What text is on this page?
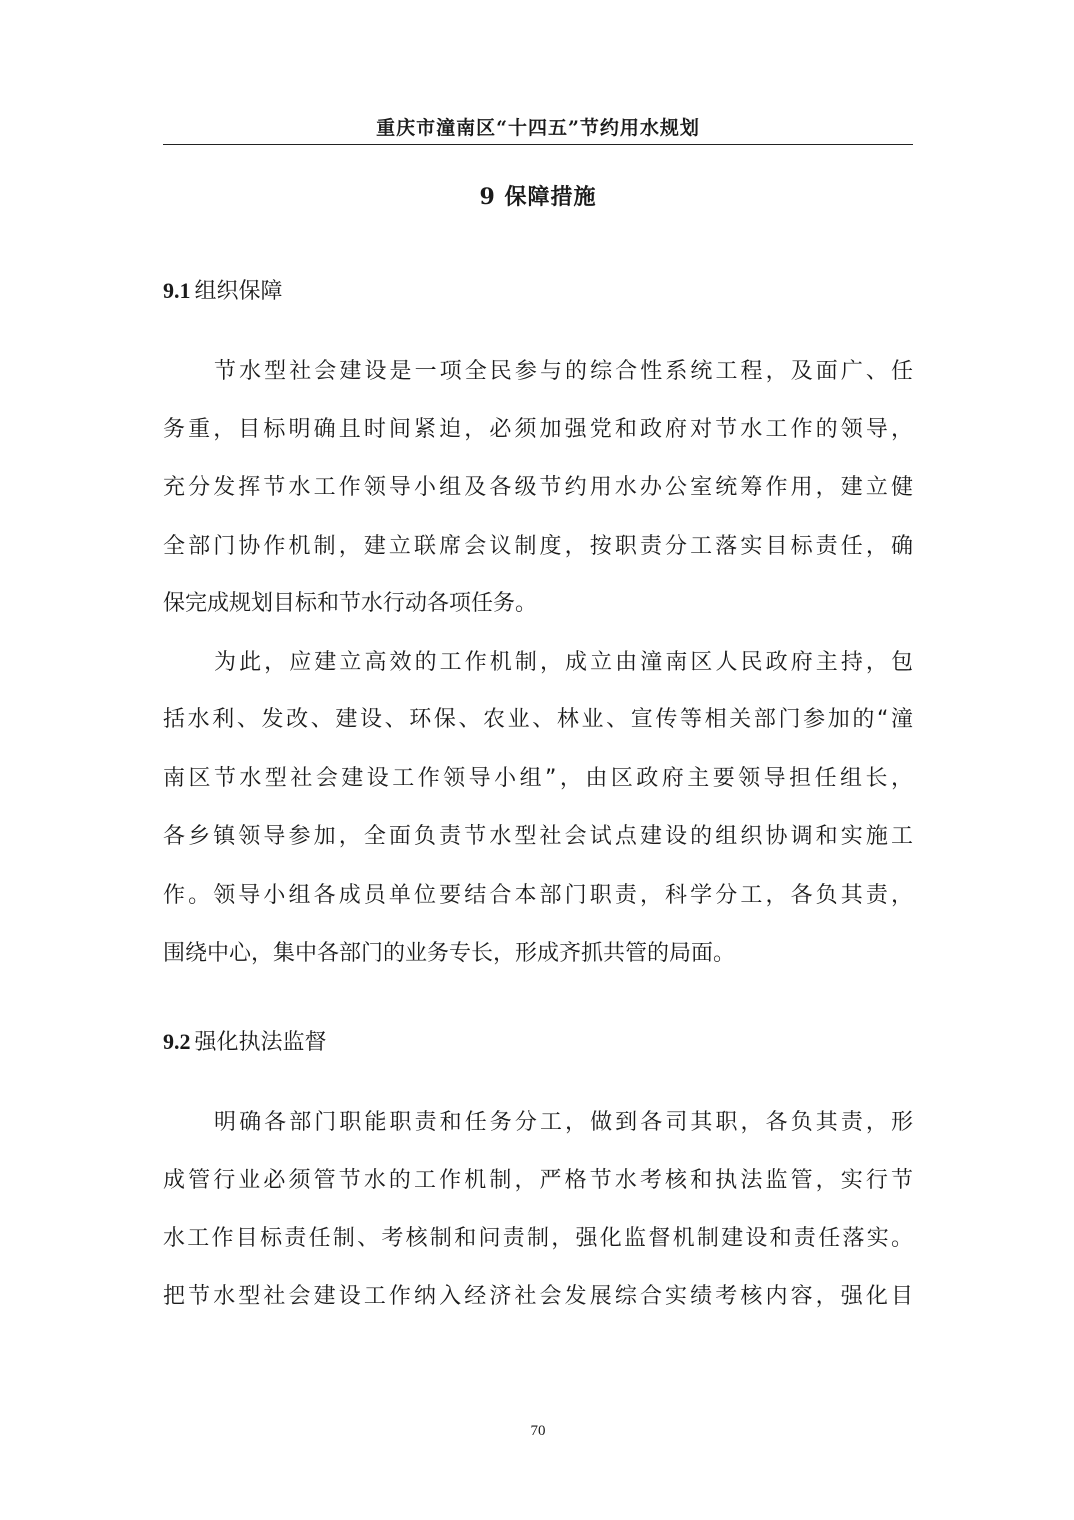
重庆市潼南区“十四五”节约用水规划
9 保障措施
9.1 组织保障
节水型社会建设是一项全民参与的综合性系统工程，及面广、任
务重，目标明确且时间紧迫，必须加强党和政府对节水工作的领导，
充分发挥节水工作领导小组及各级节约用水办公室统筹作用，建立健
全部门协作机制，建立联席会议制度，按职责分工落实目标责任，确
保完成规划目标和节水行动各项任务。
为此，应建立高效的工作机制，成立由潼南区人民政府主持，包
括水利、发改、建设、环保、农业、林业、宣传等相关部门参加的“潼
南区节水型社会建设工作领导小组”，由区政府主要领导担任组长，
各乡镇领导参加，全面负责节水型社会试点建设的组织协调和实施工
作。领导小组各成员单位要结合本部门职责，科学分工，各负其责，
围绕中心，集中各部门的业务专长，形成齐抓共管的局面。
9.2 强化执法监督
明确各部门职能职责和任务分工，做到各司其职，各负其责，形
成管行业必须管节水的工作机制，严格节水考核和执法监管，实行节
水工作目标责任制、考核制和问责制，强化监督机制建设和责任落实。
把节水型社会建设工作纳入经济社会发展综合实绩考核内容，强化目
70
